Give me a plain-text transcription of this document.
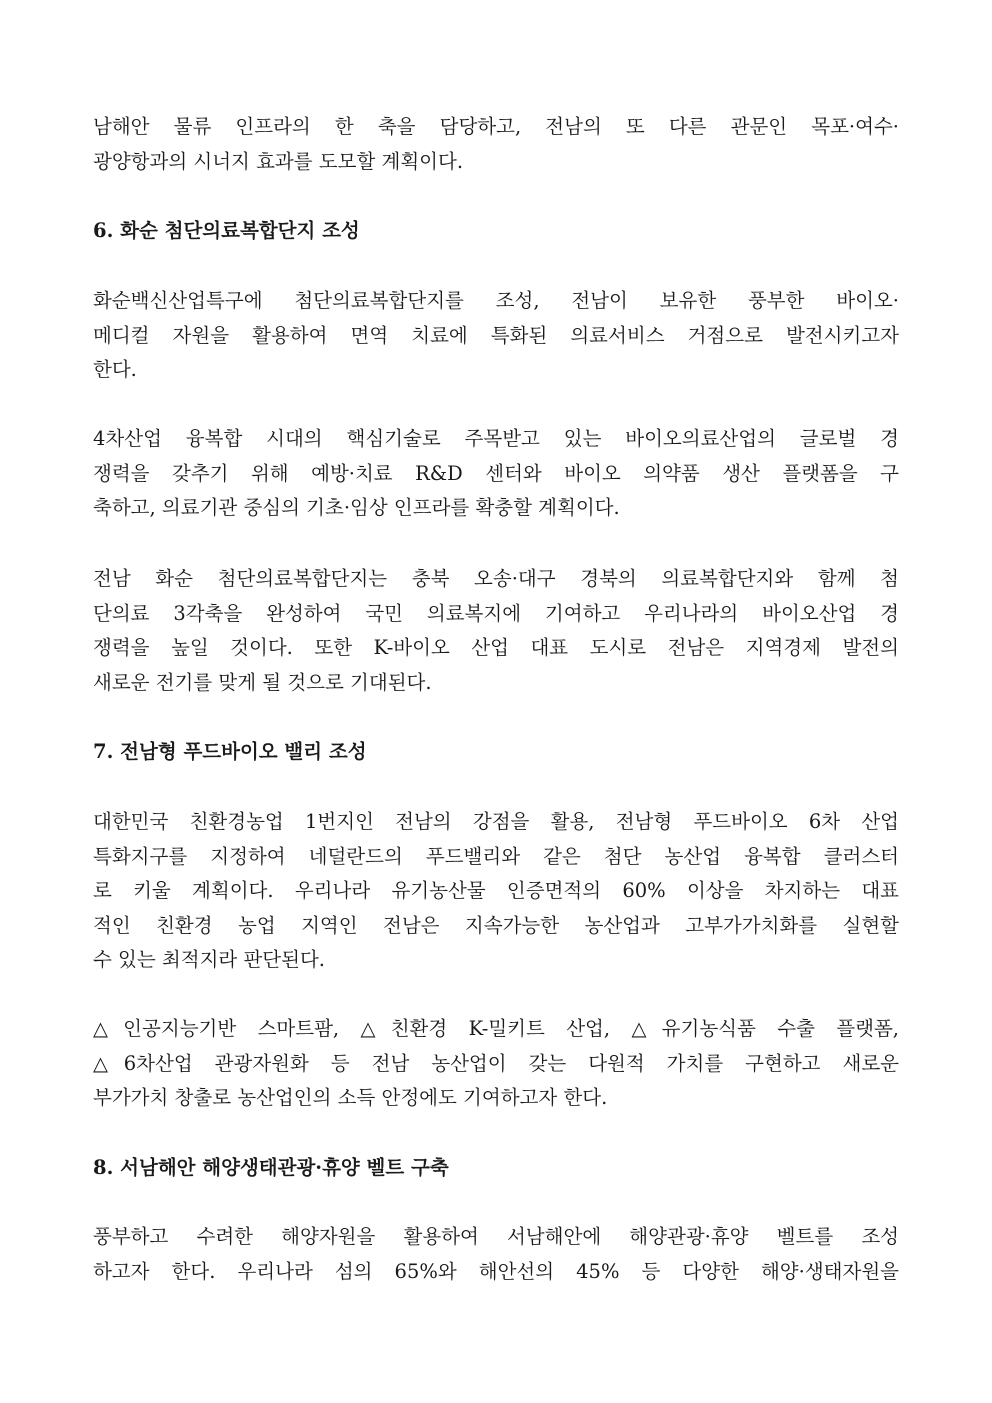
남해안 물류 인프라의 한 축을 담당하고, 전남의 또 다른 관문인 목포·여수·
광양항과의 시너지 효과를 도모할 계획이다.
6. 화순 첨단의료복합단지 조성
화순백신산업특구에 첨단의료복합단지를 조성, 전남이 보유한 풍부한 바이오·
메디컬 자원을 활용하여 면역 치료에 특화된 의료서비스 거점으로 발전시키고자
한다.
4차산업 융복합 시대의 핵심기술로 주목받고 있는 바이오의료산업의 글로벌 경
쟁력을 갖추기 위해 예방·치료 R&D 센터와 바이오 의약품 생산 플랫폼을 구
축하고, 의료기관 중심의 기초·임상 인프라를 확충할 계획이다.
전남 화순 첨단의료복합단지는 충북 오송·대구 경북의 의료복합단지와 함께 첨
단의료 3각축을 완성하여 국민 의료복지에 기여하고 우리나라의 바이오산업 경
쟁력을 높일 것이다. 또한 K-바이오 산업 대표 도시로 전남은 지역경제 발전의
새로운 전기를 맞게 될 것으로 기대된다.
7. 전남형 푸드바이오 밸리 조성
대한민국 친환경농업 1번지인 전남의 강점을 활용, 전남형 푸드바이오 6차 산업
특화지구를 지정하여 네덜란드의 푸드밸리와 같은 첨단 농산업 융복합 클러스터
로 키울 계획이다. 우리나라 유기농산물 인증면적의 60% 이상을 차지하는 대표
적인 친환경 농업 지역인 전남은 지속가능한 농산업과 고부가가치화를 실현할
수 있는 최적지라 판단된다.
△인공지능기반 스마트팜, △친환경 K-밀키트 산업, △유기농식품 수출 플랫폼,
△6차산업 관광자원화 등 전남 농산업이 갖는 다원적 가치를 구현하고 새로운
부가가치 창출로 농산업인의 소득 안정에도 기여하고자 한다.
8. 서남해안 해양생태관광·휴양 벨트 구축
풍부하고 수려한 해양자원을 활용하여 서남해안에 해양관광·휴양 벨트를 조성
하고자 한다. 우리나라 섬의 65%와 해안선의 45% 등 다양한 해양·생태자원을
